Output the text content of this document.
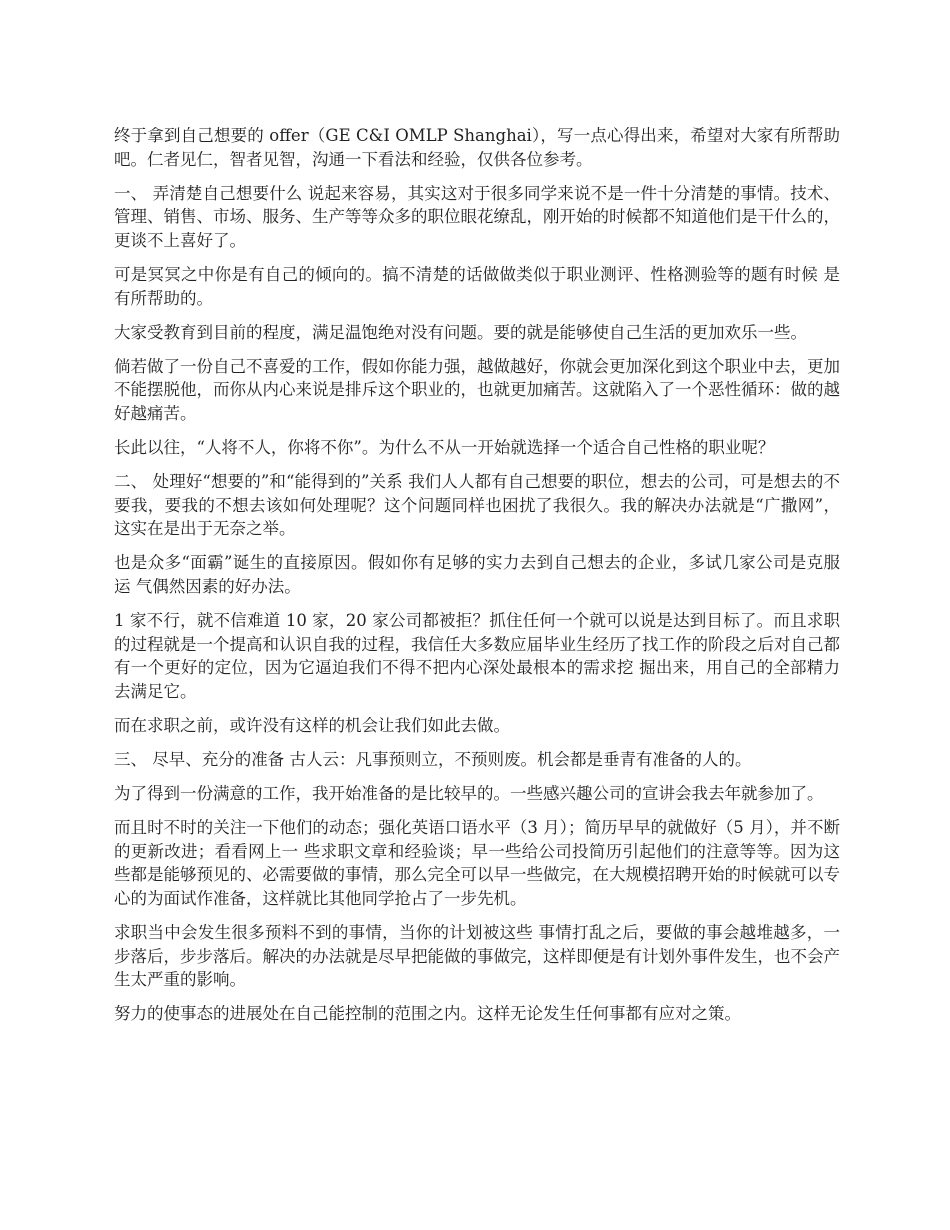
终于拿到自己想要的 offer（GE C&I OMLP Shanghai），写一点心得出来，希望对大家有所帮助吧。仁者见仁，智者见智，沟通一下看法和经验，仅供各位参考。

一、 弄清楚自己想要什么 说起来容易，其实这对于很多同学来说不是一件十分清楚的事情。技术、管理、销售、市场、服务、生产等等众多的职位眼花缭乱，刚开始的时候都不知道他们是干什么的，更谈不上喜好了。

可是冥冥之中你是有自己的倾向的。搞不清楚的话做做类似于职业测评、性格测验等的题有时候 是有所帮助的。

大家受教育到目前的程度，满足温饱绝对没有问题。要的就是能够使自己生活的更加欢乐一些。

倘若做了一份自己不喜爱的工作，假如你能力强，越做越好，你就会更加深化到这个职业中去，更加不能摆脱他，而你从内心来说是排斥这个职业的，也就更加痛苦。这就陷入了一个恶性循环：做的越好越痛苦。

长此以往，“人将不人，你将不你”。为什么不从一开始就选择一个适合自己性格的职业呢？

二、 处理好“想要的”和“能得到的”关系 我们人人都有自己想要的职位，想去的公司，可是想去的不要我，要我的不想去该如何处理呢？这个问题同样也困扰了我很久。我的解决办法就是“广撒网”，这实在是出于无奈之举。

也是众多“面霸”诞生的直接原因。假如你有足够的实力去到自己想去的企业，多试几家公司是克服运 气偶然因素的好办法。

1 家不行，就不信难道 10 家，20 家公司都被拒？抓住任何一个就可以说是达到目标了。而且求职的过程就是一个提高和认识自我的过程，我信任大多数应届毕业生经历了找工作的阶段之后对自己都有一个更好的定位，因为它逼迫我们不得不把内心深处最根本的需求挖 掘出来，用自己的全部精力去满足它。

而在求职之前，或许没有这样的机会让我们如此去做。

三、 尽早、充分的准备 古人云：凡事预则立，不预则废。机会都是垂青有准备的人的。

为了得到一份满意的工作，我开始准备的是比较早的。一些感兴趣公司的宣讲会我去年就参加了。

而且时不时的关注一下他们的动态；强化英语口语水平（3 月）；简历早早的就做好（5 月），并不断的更新改进；看看网上一 些求职文章和经验谈；早一些给公司投简历引起他们的注意等等。因为这些都是能够预见的、必需要做的事情，那么完全可以早一些做完，在大规模招聘开始的时候就可以专心的为面试作准备，这样就比其他同学抢占了一步先机。

求职当中会发生很多预料不到的事情，当你的计划被这些 事情打乱之后，要做的事会越堆越多，一步落后，步步落后。解决的办法就是尽早把能做的事做完，这样即便是有计划外事件发生，也不会产生太严重的影响。

努力的使事态的进展处在自己能控制的范围之内。这样无论发生任何事都有应对之策。
